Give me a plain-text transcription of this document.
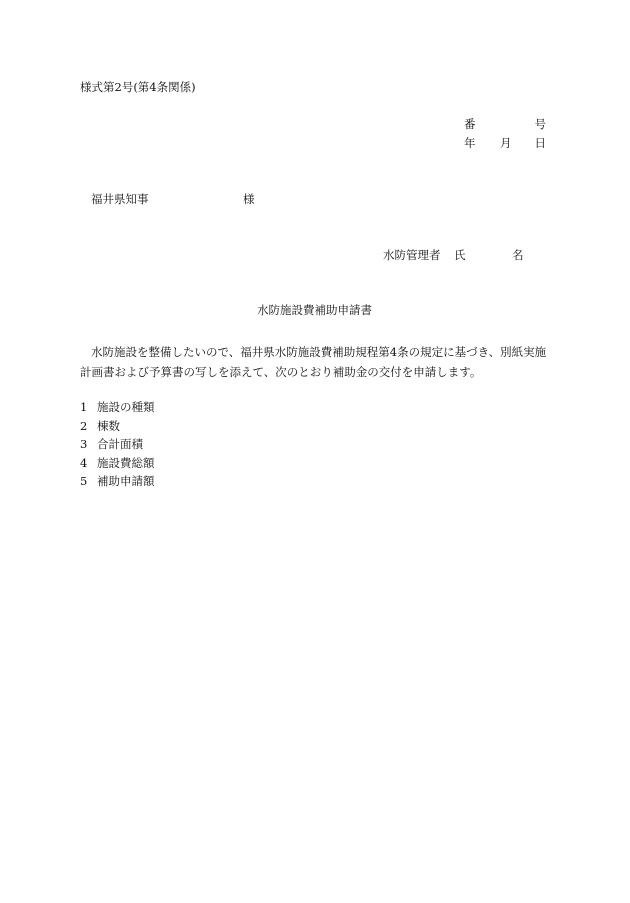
様式第2号(第4条関係)
番	号
年 月 日
福井県知事	様
水防管理者 氏	名
水防施設費補助申請書
水防施設を整備したいので、福井県水防施設費補助規程第4条の規定に基づき、別紙実施
計画書および予算書の写しを添えて、次のとおり補助金の交付を申請します。
1 施設の種類
2 棟数
3 合計面積
4 施設費総額
5 補助申請額
